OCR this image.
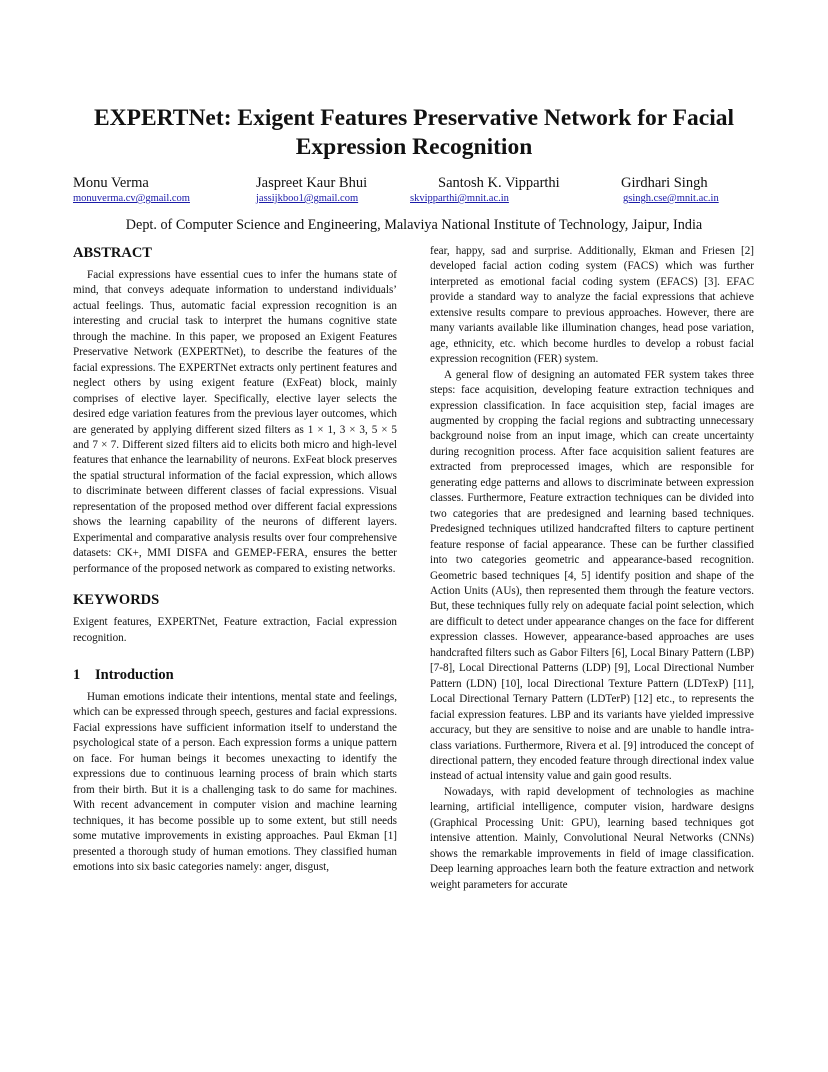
EXPERTNet: Exigent Features Preservative Network for Facial Expression Recognition
Monu Verma
monuverma.cv@gmail.com
Jaspreet Kaur Bhui
jassijkboo1@gmail.com
Santosh K. Vipparthi
skvipparthi@mnit.ac.in
Girdhari Singh
gsingh.cse@mnit.ac.in
Dept. of Computer Science and Engineering, Malaviya National Institute of Technology, Jaipur, India
ABSTRACT

Facial expressions have essential cues to infer the humans state of mind, that conveys adequate information to understand individuals’ actual feelings. Thus, automatic facial expression recognition is an interesting and crucial task to interpret the humans cognitive state through the machine. In this paper, we proposed an Exigent Features Preservative Network (EXPERTNet), to describe the features of the facial expressions. The EXPERTNet extracts only pertinent features and neglect others by using exigent feature (ExFeat) block, mainly comprises of elective layer. Specifically, elective layer selects the desired edge variation features from the previous layer outcomes, which are generated by applying different sized filters as 1 × 1, 3 × 3, 5 × 5 and 7 × 7. Different sized filters aid to elicits both micro and high-level features that enhance the learnability of neurons. ExFeat block preserves the spatial structural information of the facial expression, which allows to discriminate between different classes of facial expressions. Visual representation of the proposed method over different facial expressions shows the learning capability of the neurons of different layers. Experimental and comparative analysis results over four comprehensive datasets: CK+, MMI DISFA and GEMEP-FERA, ensures the better performance of the proposed network as compared to existing networks.

KEYWORDS

Exigent features, EXPERTNet, Feature extraction, Facial expression recognition.

1 Introduction

Human emotions indicate their intentions, mental state and feelings, which can be expressed through speech, gestures and facial expressions. Facial expressions have sufficient information itself to understand the psychological state of a person. Each expression forms a unique pattern on face. For human beings it becomes unexacting to identify the expressions due to continuous learning process of brain which starts from their birth. But it is a challenging task to do same for machines. With recent advancement in computer vision and machine learning techniques, it has become possible up to some extent, but still needs some mutative improvements in existing approaches. Paul Ekman [1] presented a thorough study of human emotions. They classified human emotions into six basic categories namely: anger, disgust,

fear, happy, sad and surprise. Additionally, Ekman and Friesen [2] developed facial action coding system (FACS) which was further interpreted as emotional facial coding system (EFACS) [3]. EFAC provide a standard way to analyze the facial expressions that achieve extensive results compare to previous approaches. However, there are many variants available like illumination changes, head pose variation, age, ethnicity, etc. which become hurdles to develop a robust facial expression recognition (FER) system.

A general flow of designing an automated FER system takes three steps: face acquisition, developing feature extraction techniques and expression classification. In face acquisition step, facial images are augmented by cropping the facial regions and subtracting unnecessary background noise from an input image, which can create uncertainty during recognition process. After face acquisition salient features are extracted from preprocessed images, which are responsible for generating edge patterns and allows to discriminate between expression classes. Furthermore, Feature extraction techniques can be divided into two categories that are predesigned and learning based techniques. Predesigned techniques utilized handcrafted filters to capture pertinent feature response of facial appearance. These can be further classified into two categories geometric and appearance-based recognition. Geometric based techniques [4, 5] identify position and shape of the Action Units (AUs), then represented them through the feature vectors. But, these techniques fully rely on adequate facial point selection, which are difficult to detect under appearance changes on the face for different expression classes. However, appearance-based approaches are uses handcrafted filters such as Gabor Filters [6], Local Binary Pattern (LBP) [7-8], Local Directional Patterns (LDP) [9], Local Directional Number Pattern (LDN) [10], local Directional Texture Pattern (LDTexP) [11], Local Directional Ternary Pattern (LDTerP) [12] etc., to represents the facial expression features. LBP and its variants have yielded impressive accuracy, but they are sensitive to noise and are unable to handle intra-class variations. Furthermore, Rivera et al. [9] introduced the concept of directional pattern, they encoded feature through directional index value instead of actual intensity value and gain good results.

Nowadays, with rapid development of technologies as machine learning, artificial intelligence, computer vision, hardware designs (Graphical Processing Unit: GPU), learning based techniques got intensive attention. Mainly, Convolutional Neural Networks (CNNs) shows the remarkable improvements in field of image classification. Deep learning approaches learn both the feature extraction and network weight parameters for accurate
